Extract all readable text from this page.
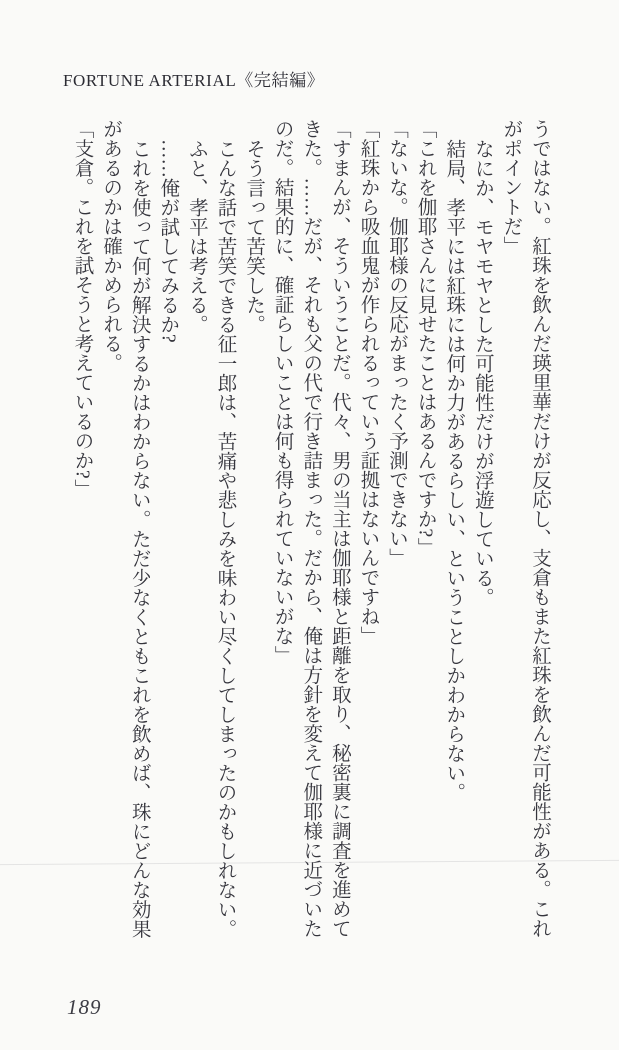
FORTUNE ARTERIAL《完結編》

うではない。紅珠を飲んだ瑛里華だけが反応し、支倉もまた紅珠を飲んだ可能性がある。これ

がポイントだ」

なにか、モヤモヤとした可能性だけが浮遊している。

結局、孝平には紅珠には何か力があるらしい、ということしかわからない。

「これを伽耶さんに見せたことはあるんですか?」

「ないな。伽耶様の反応がまったく予測できない」

「紅珠から吸血鬼が作られるっていう証拠はないんですね」

「すまんが、そういうことだ。代々、男の当主は伽耶様と距離を取り、秘密裏に調査を進めて

きた。……だが、それも父の代で行き詰まった。だから、俺は方針を変えて伽耶様に近づいた

のだ。結果的に、確証らしいことは何も得られていないがな」

そう言って苦笑した。

こんな話で苦笑できる征一郎は、苦痛や悲しみを味わい尽くしてしまったのかもしれない。

ふと、孝平は考える。

……俺が試してみるか?

これを使って何が解決するかはわからない。ただ少なくともこれを飲めば、珠にどんな効果

があるのかは確かめられる。

「支倉。これを試そうと考えているのか?」

189
